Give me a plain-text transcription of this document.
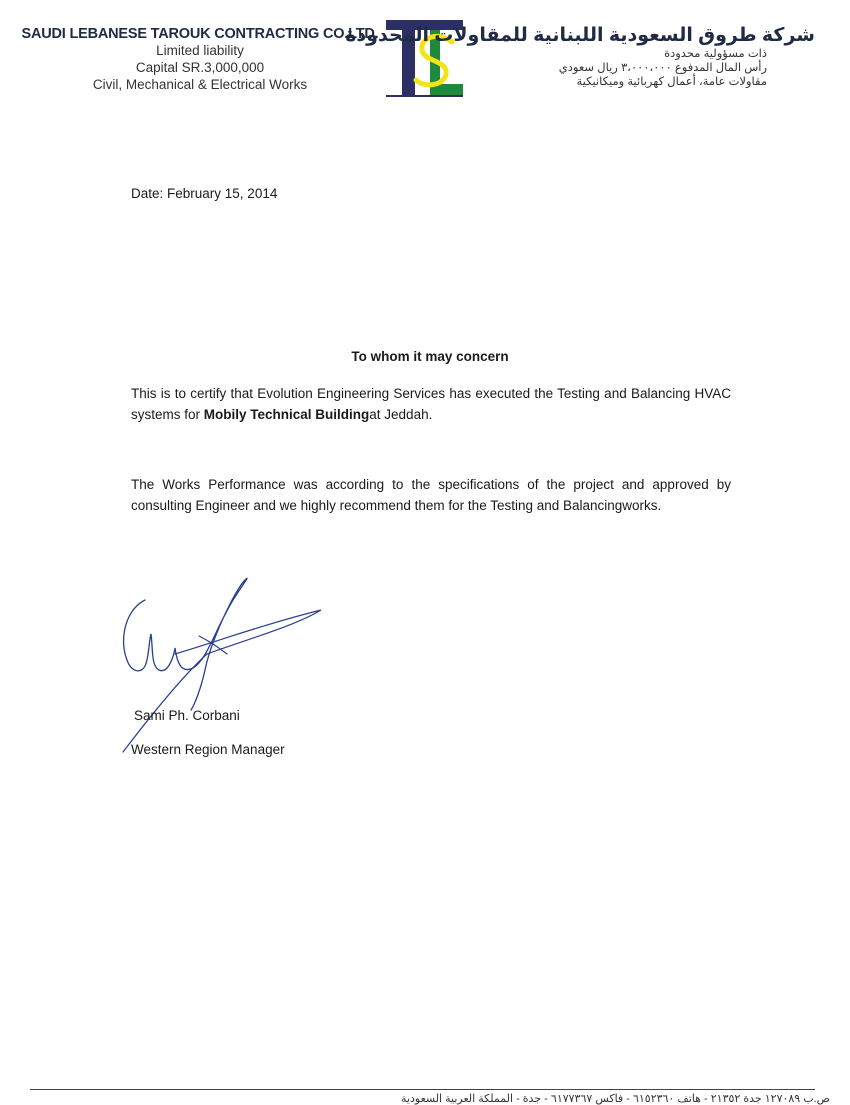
SAUDI LEBANESE TAROUK CONTRACTING CO.LTD.
Limited liability
Capital SR.3,000,000
Civil, Mechanical & Electrical Works
شركة طروق السعودية اللبنانية للمقاولات المحدودة
ذات مسؤولية محدودة
رأس المال المدفوع ٣،٠٠٠،٠٠٠ ريال سعودي
مقاولات عامة، أعمال كهربائية وميكانيكية
Date: February 15, 2014
To whom it may concern
This is to certify that Evolution Engineering Services has executed the Testing and Balancing HVAC systems for Mobily Technical Buildingat Jeddah.
The Works Performance was according to the specifications of the project and approved by consulting Engineer and we highly recommend them for the Testing and Balancingworks.
Sami Ph. Corbani
Western Region Manager
ص.ب ١٢٧٠٨٩ جدة ٢١٣٥٢ - هاتف ٦١٥٢٣٦٠ - فاكس ٦١٧٧٣٦٧ - جدة - المملكة العربية السعودية
